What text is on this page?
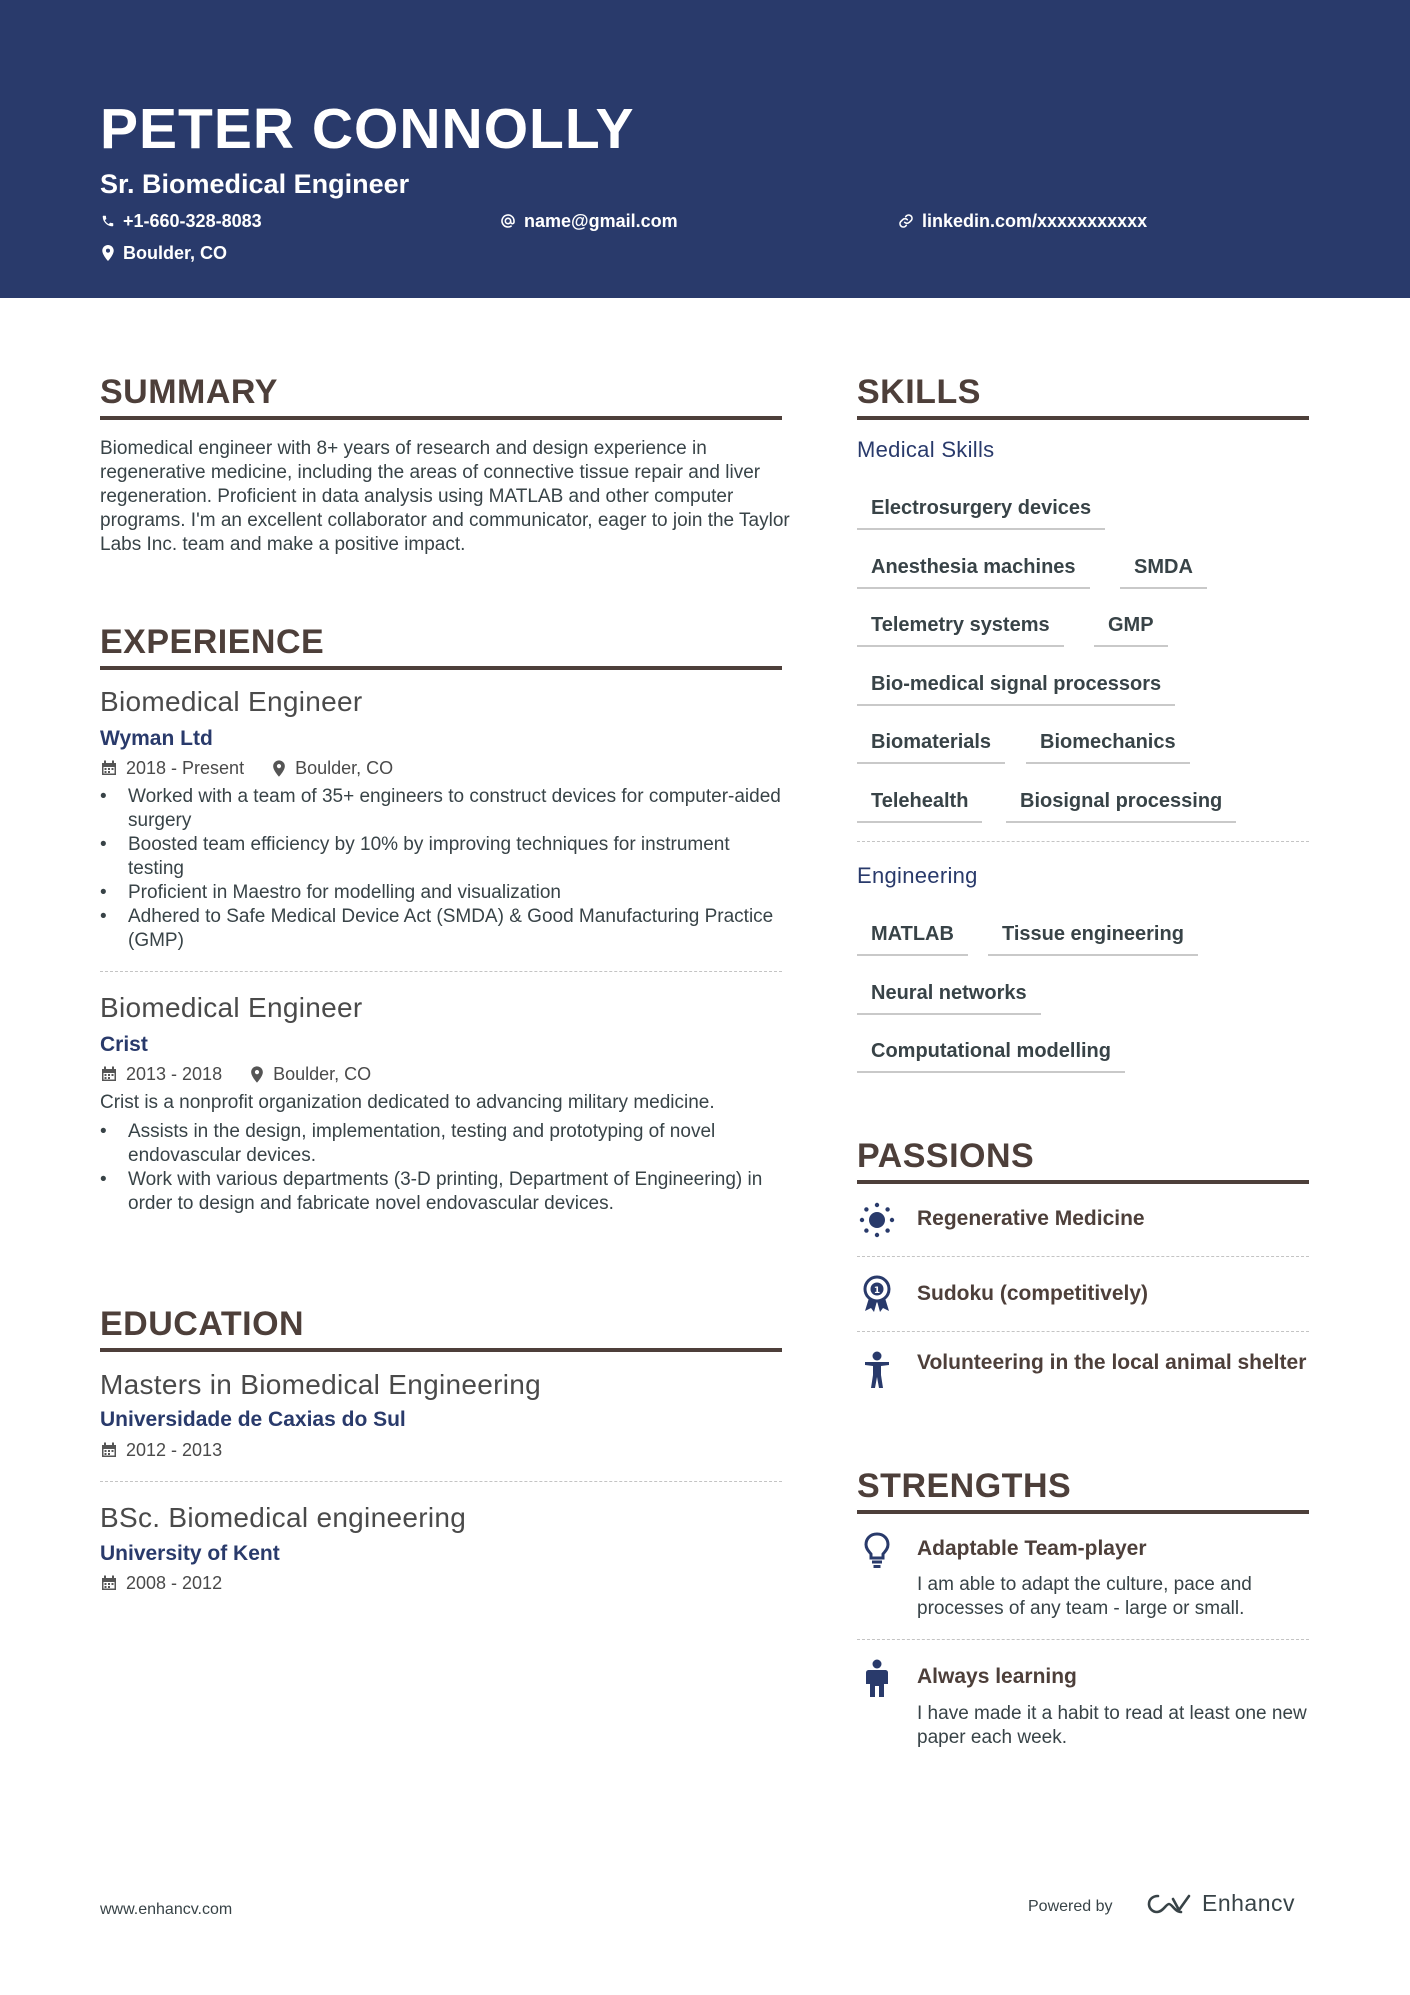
PETER CONNOLLY
Sr. Biomedical Engineer
+1-660-328-8083	name@gmail.com	linkedin.com/xxxxxxxxxxx
Boulder, CO
SUMMARY
Biomedical engineer with 8+ years of research and design experience in regenerative medicine, including the areas of connective tissue repair and liver regeneration. Proficient in data analysis using MATLAB and other computer programs. I'm an excellent collaborator and communicator, eager to join the Taylor Labs Inc. team and make a positive impact.
EXPERIENCE
Biomedical Engineer
Wyman Ltd
2018 - Present	Boulder, CO
• Worked with a team of 35+ engineers to construct devices for computer-aided surgery
• Boosted team efficiency by 10% by improving techniques for instrument testing
• Proficient in Maestro for modelling and visualization
• Adhered to Safe Medical Device Act (SMDA) & Good Manufacturing Practice (GMP)
Biomedical Engineer
Crist
2013 - 2018	Boulder, CO
Crist is a nonprofit organization dedicated to advancing military medicine.
• Assists in the design, implementation, testing and prototyping of novel endovascular devices.
• Work with various departments (3-D printing, Department of Engineering) in order to design and fabricate novel endovascular devices.
EDUCATION
Masters in Biomedical Engineering
Universidade de Caxias do Sul
2012 - 2013
BSc. Biomedical engineering
University of Kent
2008 - 2012
SKILLS
Medical Skills
Electrosurgery devices
Anesthesia machines	SMDA
Telemetry systems	GMP
Bio-medical signal processors
Biomaterials	Biomechanics
Telehealth	Biosignal processing
Engineering
MATLAB	Tissue engineering
Neural networks
Computational modelling
PASSIONS
Regenerative Medicine
1 Sudoku (competitively)
Volunteering in the local animal shelter
STRENGTHS
Adaptable Team-player
I am able to adapt the culture, pace and processes of any team - large or small.
Always learning
I have made it a habit to read at least one new paper each week.
www.enhancv.com	Powered by	Enhancv
